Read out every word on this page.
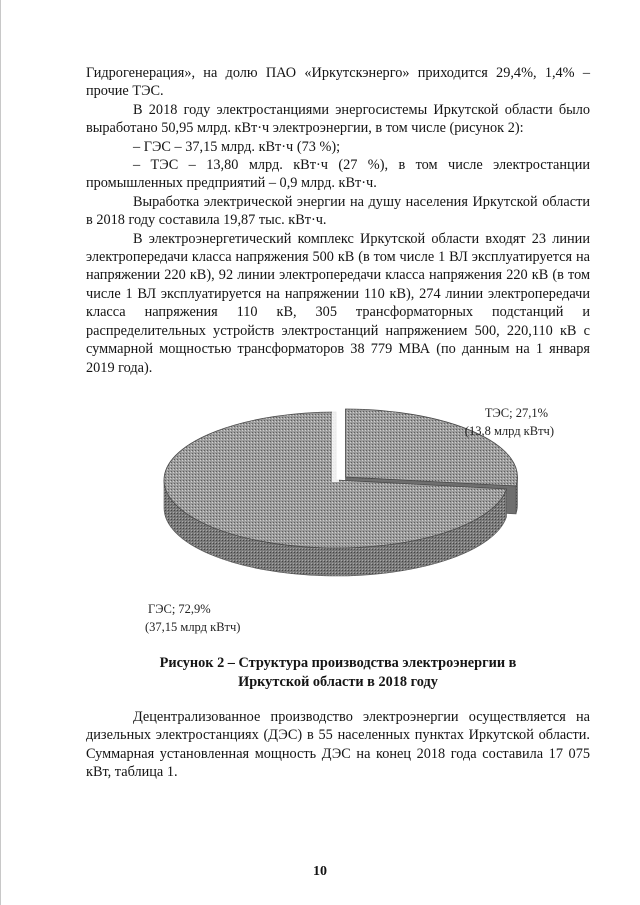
Гидрогенерация», на долю ПАО «Иркутскэнерго» приходится 29,4%, 1,4% – прочие ТЭС.

В 2018 году электростанциями энергосистемы Иркутской области было выработано 50,95 млрд. кВт·ч электроэнергии, в том числе (рисунок 2):

– ГЭС – 37,15 млрд. кВт·ч (73 %);

– ТЭС – 13,80 млрд. кВт·ч (27 %), в том числе электростанции промышленных предприятий – 0,9 млрд. кВт·ч.

Выработка электрической энергии на душу населения Иркутской области в 2018 году составила 19,87 тыс. кВт·ч.

В электроэнергетический комплекс Иркутской области входят 23 линии электропередачи класса напряжения 500 кВ (в том числе 1 ВЛ эксплуатируется на напряжении 220 кВ), 92 линии электропередачи класса напряжения 220 кВ (в том числе 1 ВЛ эксплуатируется на напряжении 110 кВ), 274 линии электропередачи класса напряжения 110 кВ, 305 трансформаторных подстанций и распределительных устройств электростанций напряжением 500, 220,110 кВ с суммарной мощностью трансформаторов 38 779 МВА (по данным на 1 января 2019 года).

ТЭС; 27,1%
(13,8 млрд кВтч)
ГЭС; 72,9%
(37,15 млрд кВтч)
Рисунок 2 – Структура производства электроэнергии в
Иркутской области в 2018 году

Децентрализованное производство электроэнергии осуществляется на дизельных электростанциях (ДЭС) в 55 населенных пунктах Иркутской области. Суммарная установленная мощность ДЭС на конец 2018 года составила 17 075 кВт, таблица 1.

10
